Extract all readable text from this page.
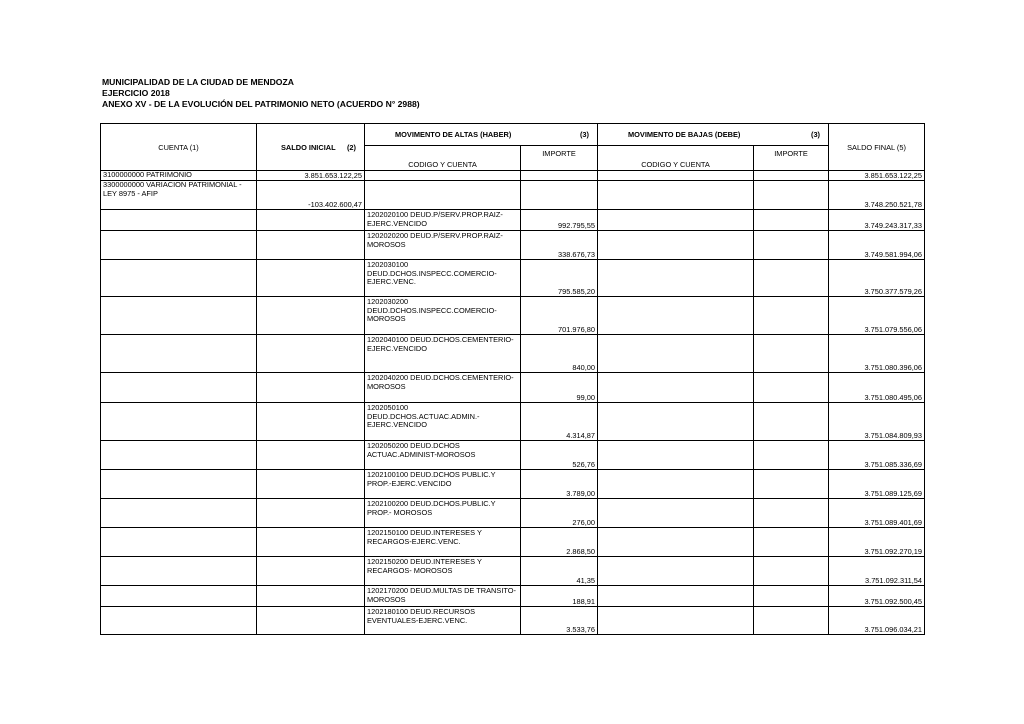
MUNICIPALIDAD DE LA CIUDAD DE MENDOZA
EJERCICIO 2018
ANEXO XV - DE LA EVOLUCIÓN DEL PATRIMONIO NETO (ACUERDO N° 2988)
CUENTA (1)	SALDO INICIAL (2)	MOVIMENTO DE ALTAS (HABER) (3)		MOVIMENTO DE BAJAS (DEBE) (3)		SALDO FINAL (5)
		CODIGO Y CUENTA	IMPORTE	CODIGO Y CUENTA	IMPORTE	
3100000000 PATRIMONIO	3.851.653.122,25					3.851.653.122,25
3300000000 VARIACION PATRIMONIAL - LEY 8975 - AFIP	-103.402.600,47					3.748.250.521,78
		1202020100 DEUD.P/SERV.PROP.RAIZ-EJERC.VENCIDO	992.795,55			3.749.243.317,33
		1202020200 DEUD.P/SERV.PROP.RAIZ-MOROSOS	338.676,73			3.749.581.994,06
		1202030100 DEUD.DCHOS.INSPECC.COMERCIO-EJERC.VENC.	795.585,20			3.750.377.579,26
		1202030200 DEUD.DCHOS.INSPECC.COMERCIO-MOROSOS	701.976,80			3.751.079.556,06
		1202040100 DEUD.DCHOS.CEMENTERIO-EJERC.VENCIDO	840,00			3.751.080.396,06
		1202040200 DEUD.DCHOS.CEMENTERIO-MOROSOS	99,00			3.751.080.495,06
		1202050100 DEUD.DCHOS.ACTUAC.ADMIN.-EJERC.VENCIDO	4.314,87			3.751.084.809,93
		1202050200 DEUD.DCHOS ACTUAC.ADMINIST-MOROSOS	526,76			3.751.085.336,69
		1202100100 DEUD.DCHOS PUBLIC.Y PROP.-EJERC.VENCIDO	3.789,00			3.751.089.125,69
		1202100200 DEUD.DCHOS.PUBLIC.Y PROP.- MOROSOS	276,00			3.751.089.401,69
		1202150100 DEUD.INTERESES Y RECARGOS-EJERC.VENC.	2.868,50			3.751.092.270,19
		1202150200 DEUD.INTERESES Y RECARGOS- MOROSOS	41,35			3.751.092.311,54
		1202170200 DEUD.MULTAS DE TRANSITO- MOROSOS	188,91			3.751.092.500,45
		1202180100 DEUD.RECURSOS EVENTUALES-EJERC.VENC.	3.533,76			3.751.096.034,21
